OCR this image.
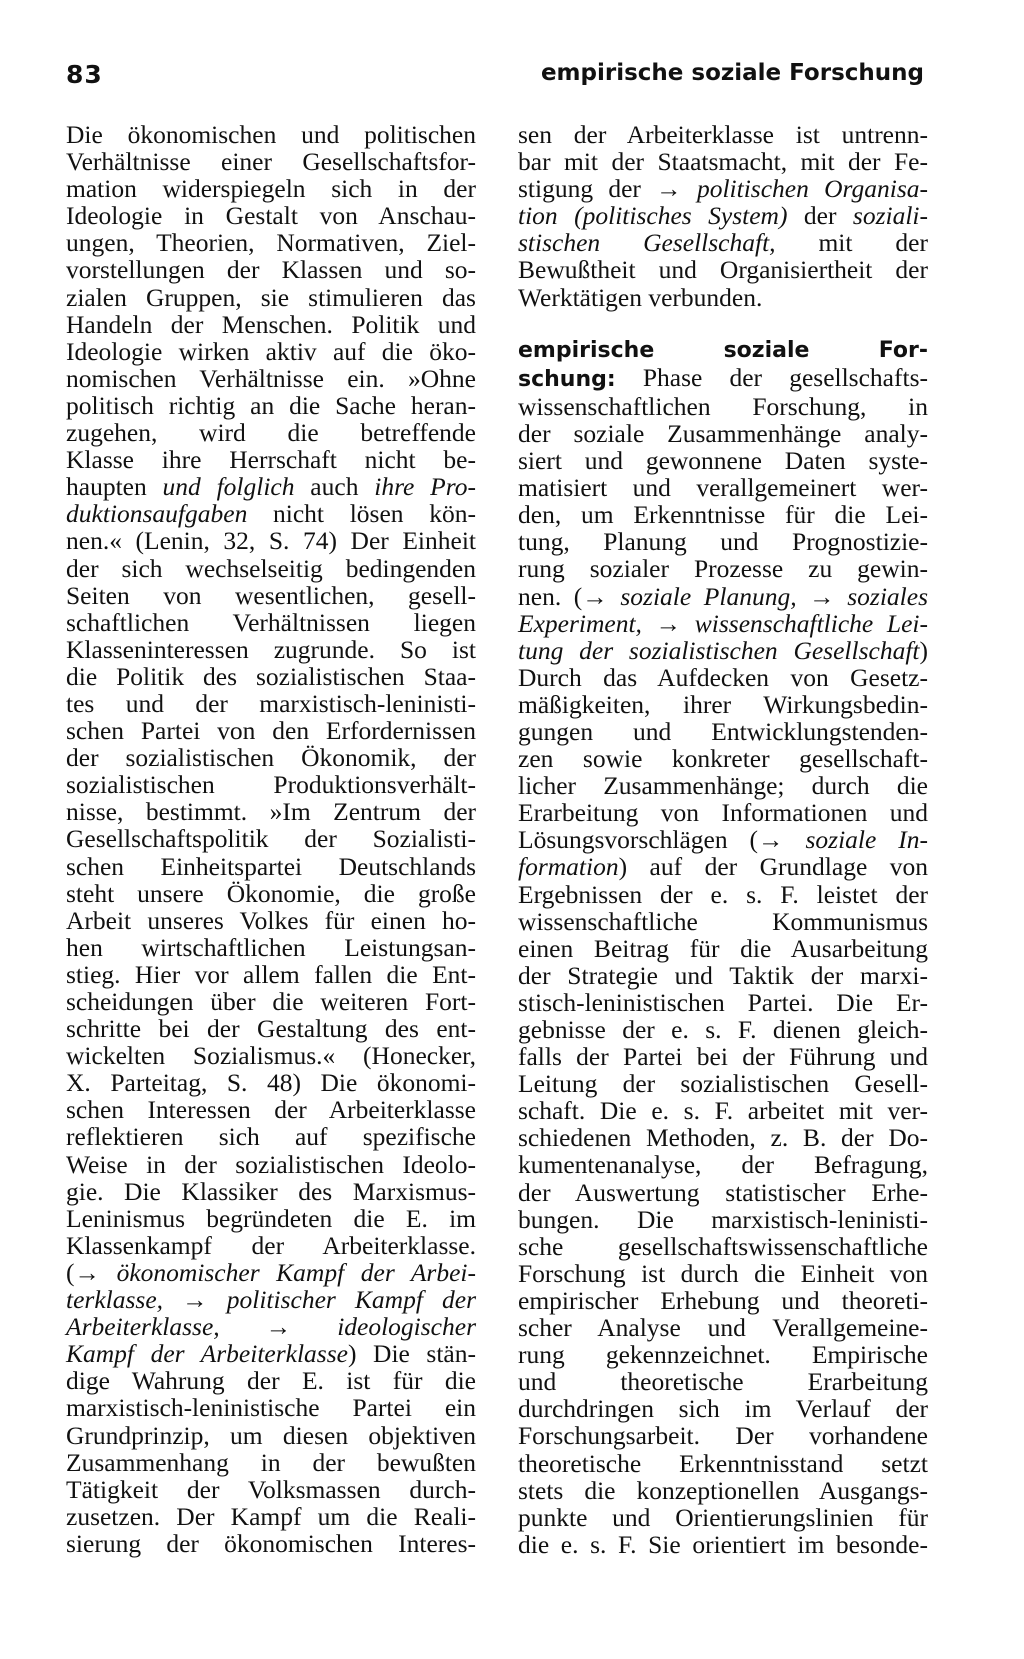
83	empirische soziale Forschung
Die ökonomischen und politischen
Verhältnisse einer Gesellschaftsfor-
mation widerspiegeln sich in der
Ideologie in Gestalt von Anschau-
ungen, Theorien, Normativen, Ziel-
vorstellungen der Klassen und so-
zialen Gruppen, sie stimulieren das
Handeln der Menschen. Politik und
Ideologie wirken aktiv auf die öko-
nomischen Verhältnisse ein. »Ohne
politisch richtig an die Sache heran-
zugehen, wird die betreffende
Klasse ihre Herrschaft nicht be-
haupten und folglich auch ihre Pro-
duktionsaufgaben nicht lösen kön-
nen.« (Lenin, 32, S. 74) Der Einheit
der sich wechselseitig bedingenden
Seiten von wesentlichen, gesell-
schaftlichen Verhältnissen liegen
Klasseninteressen zugrunde. So ist
die Politik des sozialistischen Staa-
tes und der marxistisch-leninisti-
schen Partei von den Erfordernissen
der sozialistischen Ökonomik, der
sozialistischen Produktionsverhält-
nisse, bestimmt. »Im Zentrum der
Gesellschaftspolitik der Sozialisti-
schen Einheitspartei Deutschlands
steht unsere Ökonomie, die große
Arbeit unseres Volkes für einen ho-
hen wirtschaftlichen Leistungsan-
stieg. Hier vor allem fallen die Ent-
scheidungen über die weiteren Fort-
schritte bei der Gestaltung des ent-
wickelten Sozialismus.« (Honecker,
X. Parteitag, S. 48) Die ökonomi-
schen Interessen der Arbeiterklasse
reflektieren sich auf spezifische
Weise in der sozialistischen Ideolo-
gie. Die Klassiker des Marxismus-
Leninismus begründeten die E. im
Klassenkampf der Arbeiterklasse.
(→ ökonomischer Kampf der Arbei-
terklasse, → politischer Kampf der
Arbeiterklasse, → ideologischer
Kampf der Arbeiterklasse) Die stän-
dige Wahrung der E. ist für die
marxistisch-leninistische Partei ein
Grundprinzip, um diesen objektiven
Zusammenhang in der bewußten
Tätigkeit der Volksmassen durch-
zusetzen. Der Kampf um die Reali-
sierung der ökonomischen Interes-
sen der Arbeiterklasse ist untrenn-
bar mit der Staatsmacht, mit der Fe-
stigung der → politischen Organisa-
tion (politisches System) der soziali-
stischen Gesellschaft, mit der
Bewußtheit und Organisiertheit der
Werktätigen verbunden.
empirische soziale For-
schung: Phase der gesellschafts-
wissenschaftlichen Forschung, in
der soziale Zusammenhänge analy-
siert und gewonnene Daten syste-
matisiert und verallgemeinert wer-
den, um Erkenntnisse für die Lei-
tung, Planung und Prognostizie-
rung sozialer Prozesse zu gewin-
nen. (→ soziale Planung, → soziales
Experiment, → wissenschaftliche Lei-
tung der sozialistischen Gesellschaft)
Durch das Aufdecken von Gesetz-
mäßigkeiten, ihrer Wirkungsbedin-
gungen und Entwicklungstenden-
zen sowie konkreter gesellschaft-
licher Zusammenhänge; durch die
Erarbeitung von Informationen und
Lösungsvorschlägen (→ soziale In-
formation) auf der Grundlage von
Ergebnissen der e. s. F. leistet der
wissenschaftliche Kommunismus
einen Beitrag für die Ausarbeitung
der Strategie und Taktik der marxi-
stisch-leninistischen Partei. Die Er-
gebnisse der e. s. F. dienen gleich-
falls der Partei bei der Führung und
Leitung der sozialistischen Gesell-
schaft. Die e. s. F. arbeitet mit ver-
schiedenen Methoden, z. B. der Do-
kumentenanalyse, der Befragung,
der Auswertung statistischer Erhe-
bungen. Die marxistisch-leninisti-
sche gesellschaftswissenschaftliche
Forschung ist durch die Einheit von
empirischer Erhebung und theoreti-
scher Analyse und Verallgemeine-
rung gekennzeichnet. Empirische
und theoretische Erarbeitung
durchdringen sich im Verlauf der
Forschungsarbeit. Der vorhandene
theoretische Erkenntnisstand setzt
stets die konzeptionellen Ausgangs-
punkte und Orientierungslinien für
die e. s. F. Sie orientiert im besonde-
